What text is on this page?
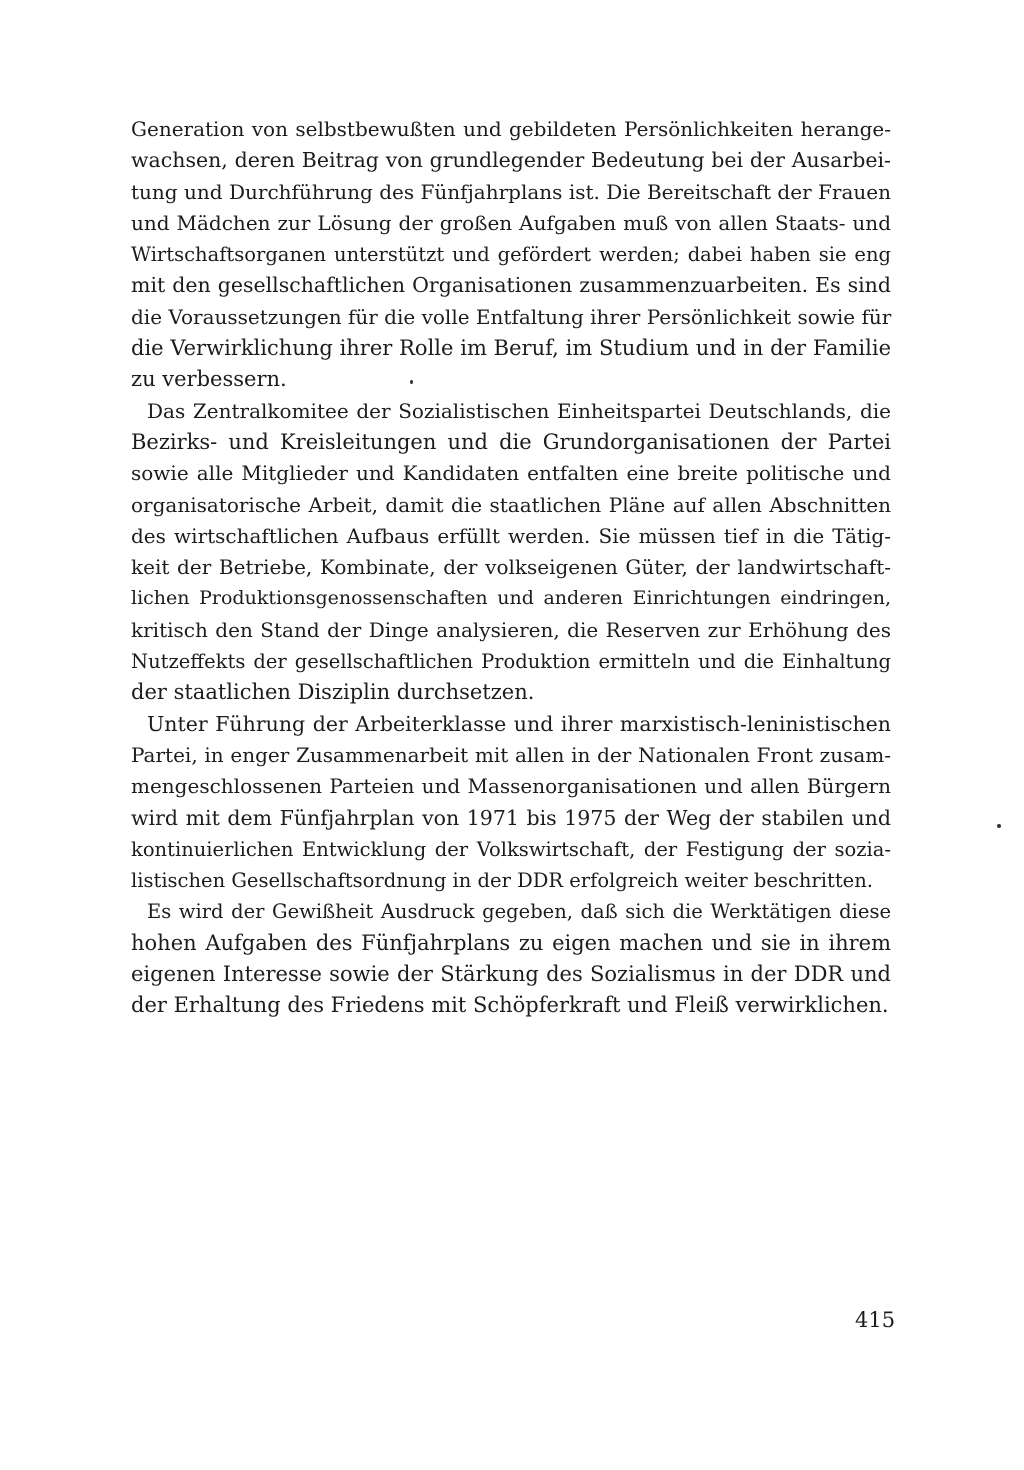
Generation von selbstbewußten und gebildeten Persönlichkeiten herange-
wachsen, deren Beitrag von grundlegender Bedeutung bei der Ausarbei-
tung und Durchführung des Fünfjahrplans ist. Die Bereitschaft der Frauen
und Mädchen zur Lösung der großen Aufgaben muß von allen Staats- und
Wirtschaftsorganen unterstützt und gefördert werden; dabei haben sie eng
mit den gesellschaftlichen Organisationen zusammenzuarbeiten. Es sind
die Voraussetzungen für die volle Entfaltung ihrer Persönlichkeit sowie für
die Verwirklichung ihrer Rolle im Beruf, im Studium und in der Familie
zu verbessern.
Das Zentralkomitee der Sozialistischen Einheitspartei Deutschlands, die
Bezirks- und Kreisleitungen und die Grundorganisationen der Partei
sowie alle Mitglieder und Kandidaten entfalten eine breite politische und
organisatorische Arbeit, damit die staatlichen Pläne auf allen Abschnitten
des wirtschaftlichen Aufbaus erfüllt werden. Sie müssen tief in die Tätig-
keit der Betriebe, Kombinate, der volkseigenen Güter, der landwirtschaft-
lichen Produktionsgenossenschaften und anderen Einrichtungen eindringen,
kritisch den Stand der Dinge analysieren, die Reserven zur Erhöhung des
Nutzeffekts der gesellschaftlichen Produktion ermitteln und die Einhaltung
der staatlichen Disziplin durchsetzen.
Unter Führung der Arbeiterklasse und ihrer marxistisch-leninistischen
Partei, in enger Zusammenarbeit mit allen in der Nationalen Front zusam-
mengeschlossenen Parteien und Massenorganisationen und allen Bürgern
wird mit dem Fünfjahrplan von 1971 bis 1975 der Weg der stabilen und
kontinuierlichen Entwicklung der Volkswirtschaft, der Festigung der sozia-
listischen Gesellschaftsordnung in der DDR erfolgreich weiter beschritten.
Es wird der Gewißheit Ausdruck gegeben, daß sich die Werktätigen diese
hohen Aufgaben des Fünfjahrplans zu eigen machen und sie in ihrem
eigenen Interesse sowie der Stärkung des Sozialismus in der DDR und
der Erhaltung des Friedens mit Schöpferkraft und Fleiß verwirklichen.
415
